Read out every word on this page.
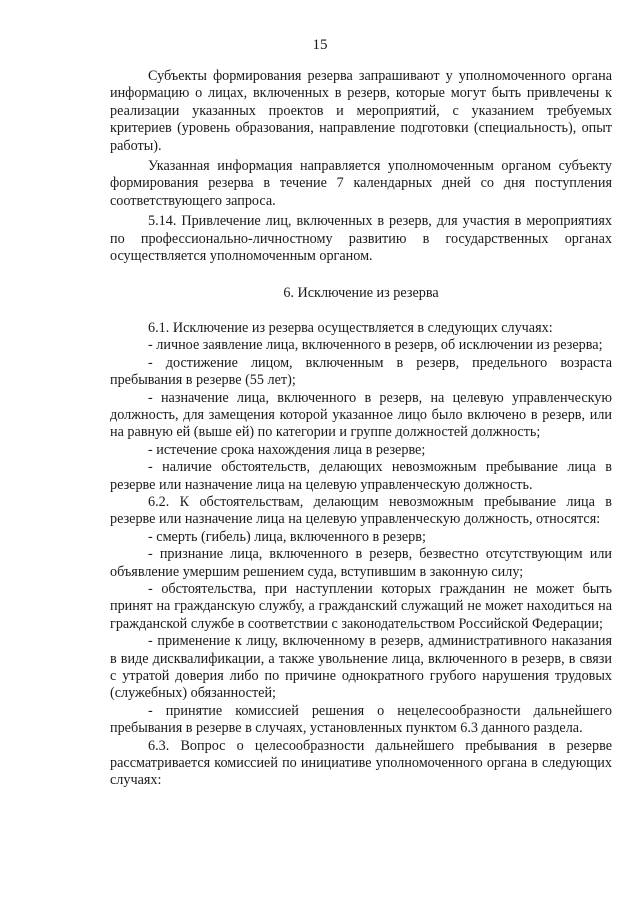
15

Субъекты формирования резерва запрашивают у уполномоченного органа информацию о лицах, включенных в резерв, которые могут быть привлечены к реализации указанных проектов и мероприятий, с указанием требуемых критериев (уровень образования, направление подготовки (специальность), опыт работы).

Указанная информация направляется уполномоченным органом субъекту формирования резерва в течение 7 календарных дней со дня поступления соответствующего запроса.

5.14. Привлечение лиц, включенных в резерв, для участия в мероприятиях по профессионально-личностному развитию в государственных органах осуществляется уполномоченным органом.

6. Исключение из резерва

6.1. Исключение из резерва осуществляется в следующих случаях:

- личное заявление лица, включенного в резерв, об исключении из резерва;

- достижение лицом, включенным в резерв, предельного возраста пребывания в резерве (55 лет);

- назначение лица, включенного в резерв, на целевую управленческую должность, для замещения которой указанное лицо было включено в резерв, или на равную ей (выше ей) по категории и группе должностей должность;

- истечение срока нахождения лица в резерве;

- наличие обстоятельств, делающих невозможным пребывание лица в резерве или назначение лица на целевую управленческую должность.

6.2. К обстоятельствам, делающим невозможным пребывание лица в резерве или назначение лица на целевую управленческую должность, относятся:

- смерть (гибель) лица, включенного в резерв;

- признание лица, включенного в резерв, безвестно отсутствующим или объявление умершим решением суда, вступившим в законную силу;

- обстоятельства, при наступлении которых гражданин не может быть принят на гражданскую службу, а гражданский служащий не может находиться на гражданской службе в соответствии с законодательством Российской Федерации;

- применение к лицу, включенному в резерв, административного наказания в виде дисквалификации, а также увольнение лица, включенного в резерв, в связи с утратой доверия либо по причине однократного грубого нарушения трудовых (служебных) обязанностей;

- принятие комиссией решения о нецелесообразности дальнейшего пребывания в резерве в случаях, установленных пунктом 6.3 данного раздела.

6.3. Вопрос о целесообразности дальнейшего пребывания в резерве рассматривается комиссией по инициативе уполномоченного органа в следующих случаях:
